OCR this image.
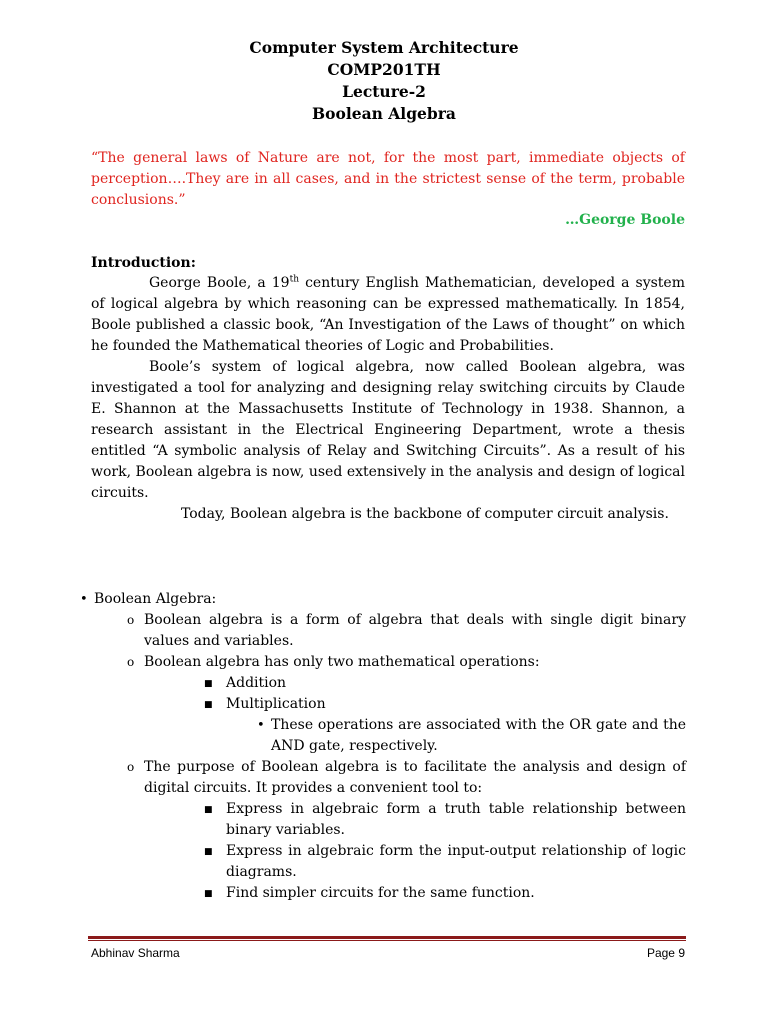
Computer System Architecture
COMP201TH
Lecture-2
Boolean Algebra
“The general laws of Nature are not, for the most part, immediate objects of perception….They are in all cases, and in the strictest sense of the term, probable conclusions.”
…George Boole
Introduction:
George Boole, a 19th century English Mathematician, developed a system of logical algebra by which reasoning can be expressed mathematically. In 1854, Boole published a classic book, “An Investigation of the Laws of thought” on which he founded the Mathematical theories of Logic and Probabilities.
Boole’s system of logical algebra, now called Boolean algebra, was investigated a tool for analyzing and designing relay switching circuits by Claude E. Shannon at the Massachusetts Institute of Technology in 1938. Shannon, a research assistant in the Electrical Engineering Department, wrote a thesis entitled “A symbolic analysis of Relay and Switching Circuits”. As a result of his work, Boolean algebra is now, used extensively in the analysis and design of logical circuits.
Today, Boolean algebra is the backbone of computer circuit analysis.
• Boolean Algebra:
o Boolean algebra is a form of algebra that deals with single digit binary values and variables.
o Boolean algebra has only two mathematical operations:
■ Addition
■ Multiplication
• These operations are associated with the OR gate and the AND gate, respectively.
o The purpose of Boolean algebra is to facilitate the analysis and design of digital circuits. It provides a convenient tool to:
■ Express in algebraic form a truth table relationship between binary variables.
■ Express in algebraic form the input-output relationship of logic diagrams.
■ Find simpler circuits for the same function.
Abhinav Sharma	Page 9
